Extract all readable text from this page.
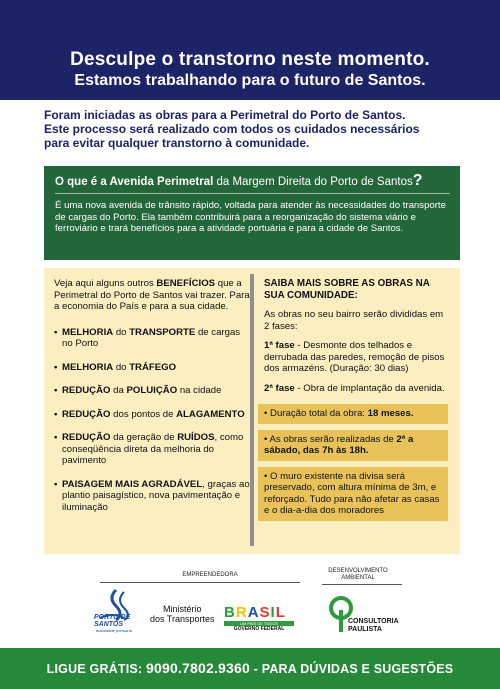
Desculpe o transtorno neste momento.
Estamos trabalhando para o futuro de Santos.
Foram iniciadas as obras para a Perimetral do Porto de Santos.
Este processo será realizado com todos os cuidados necessários
para evitar qualquer transtorno à comunidade.
O que é a Avenida Perimetral da Margem Direita do Porto de Santos?
É uma nova avenida de trânsito rápido, voltada para atender às necessidades do transporte de cargas do Porto. Ela também contribuirá para a reorganização do sistema viário e ferroviário e trará benefícios para a atividade portuária e para a cidade de Santos.
Veja aqui alguns outros BENEFÍCIOS que a Perimetral do Porto de Santos vai trazer. Para a economia do País e para a sua cidade.
• MELHORIA do TRANSPORTE de cargas no Porto
• MELHORIA do TRÁFEGO
• REDUÇÃO da POLUIÇÃO na cidade
• REDUÇÃO dos pontos de ALAGAMENTO
• REDUÇÃO da geração de RUÍDOS, como conseqüência direta da melhoria do pavimento
• PAISAGEM MAIS AGRADÁVEL, graças ao plantio paisagístico, nova pavimentação e iluminação
SAIBA MAIS SOBRE AS OBRAS NA SUA COMUNIDADE:
As obras no seu bairro serão divididas em 2 fases:
1ª fase - Desmonte dos telhados e derrubada das paredes, remoção de pisos dos armazéns. (Duração: 30 dias)
2ª fase - Obra de implantação da avenida.
• Duração total da obra: 18 meses.
• As obras serão realizadas de 2ª a sábado, das 7h às 18h.
• O muro existente na divisa será preservado, com altura mínima de 3m, e reforçado. Tudo para não afetar as casas e o dia-a-dia dos moradores
EMPREENDEDORA
DESENVOLVIMENTO
AMBIENTAL
PORTO DE SANTOS
autoridade portuária
Ministério
dos Transportes BRASIL
UM PAÍS DE TODOS
GOVERNO FEDERAL
CONSULTORIA
PAULISTA
LIGUE GRÁTIS: 9090.7802.9360 - PARA DÚVIDAS E SUGESTÕES
